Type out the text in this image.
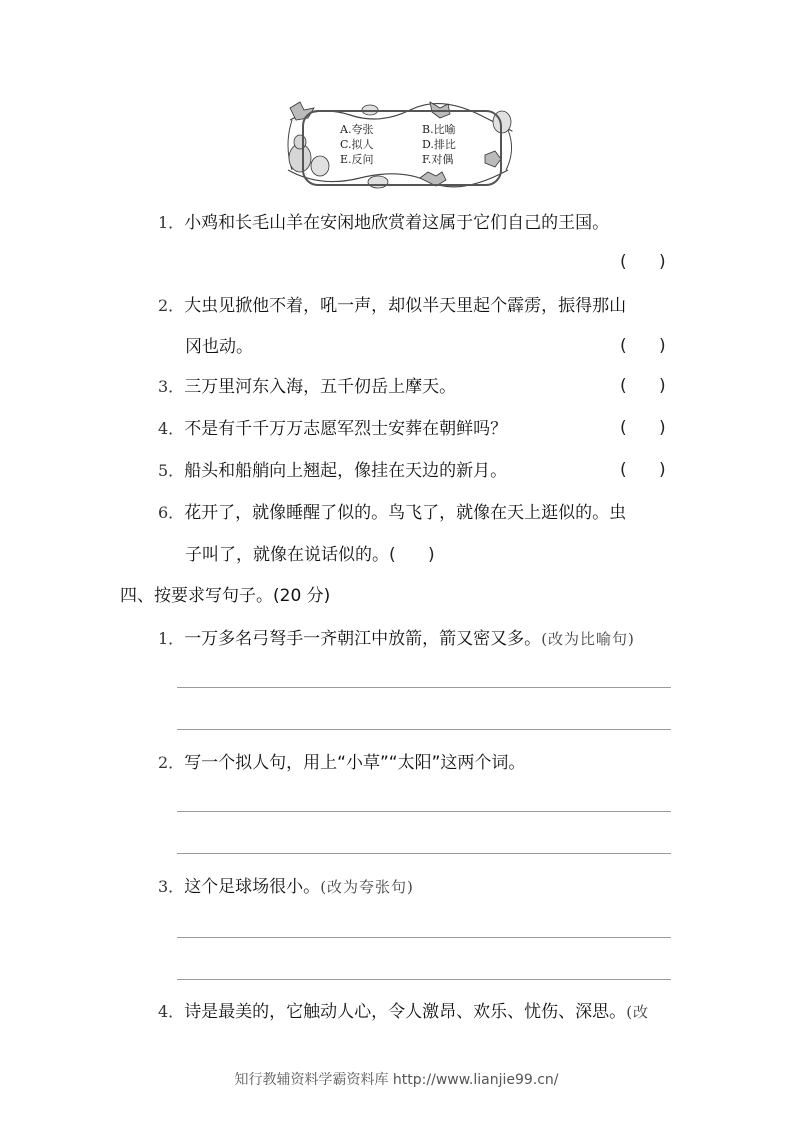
A.夸张	B.比喻
C.拟人	D.排比
E.反问	F.对偶
1．小鸡和长毛山羊在安闲地欣赏着这属于它们自己的王国。
(      )
2．大虫见掀他不着，吼一声，却似半天里起个霹雳，振得那山
冈也动。	(      )
3．三万里河东入海，五千仞岳上摩天。	(      )
4．不是有千千万万志愿军烈士安葬在朝鲜吗？	(      )
5．船头和船艄向上翘起，像挂在天边的新月。	(      )
6．花开了，就像睡醒了似的。鸟飞了，就像在天上逛似的。虫
子叫了，就像在说话似的。(      )
四、按要求写句子。(20 分)
1．一万多名弓弩手一齐朝江中放箭，箭又密又多。(改为比喻句)
2．写一个拟人句，用上“小草”“太阳”这两个词。
3．这个足球场很小。(改为夸张句)
4．诗是最美的，它触动人心，令人激昂、欢乐、忧伤、深思。(改
知行教辅资料学霸资料库 http://www.lianjie99.cn/
